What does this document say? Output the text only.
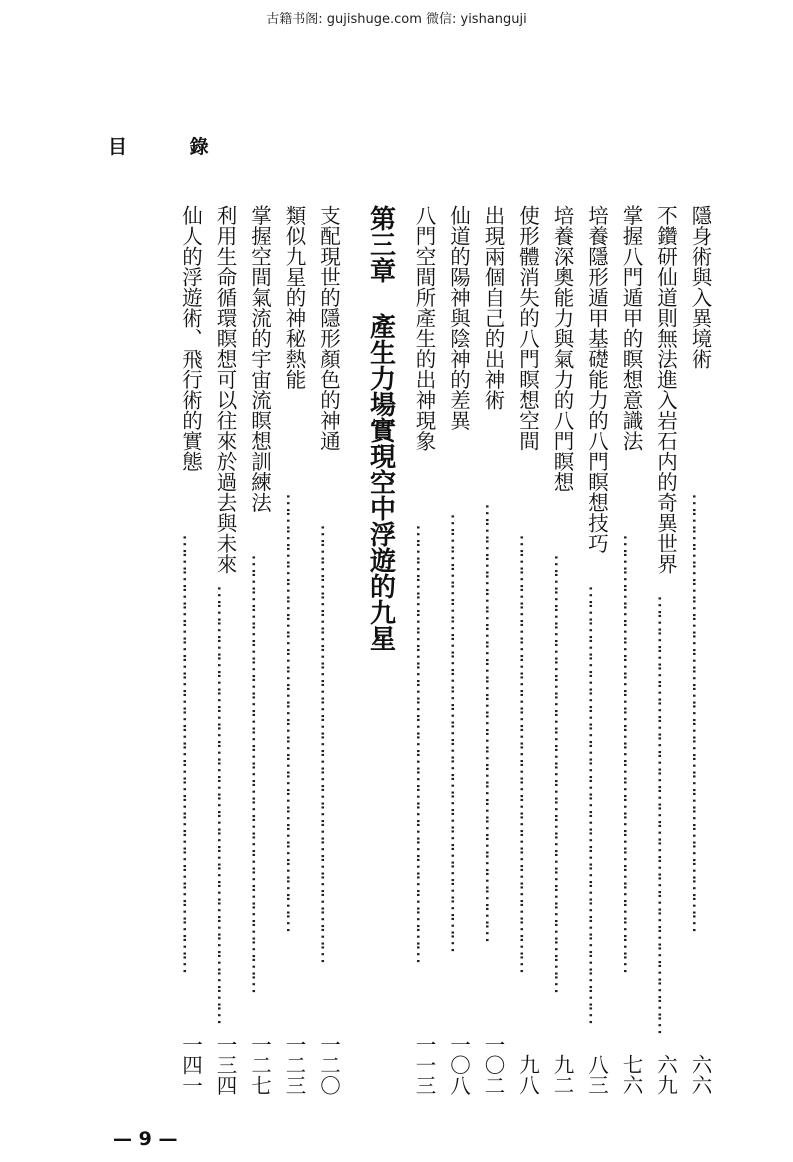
古籍书阁: gujishuge.com 微信: yishanguji
目 錄
隱身術與入異境術
…………………………………………………………………
六六
不鑽研仙道則無法進入岩石内的奇異世界
…………………………………………………………………
六九
掌握八門遁甲的瞑想意識法
…………………………………………………………………
七六
培養隱形遁甲基礎能力的八門瞑想技巧
…………………………………………………………………
八三
培養深奧能力與氣力的八門瞑想
…………………………………………………………………
九二
使形體消失的八門瞑想空間
…………………………………………………………………
九八
出現兩個自己的出神術
…………………………………………………………………
一〇二
仙道的陽神與陰神的差異
…………………………………………………………………
一〇八
八門空間所產生的出神現象
…………………………………………………………………
一一三
第三章
產生力場實現空中浮遊的九星
支配現世的隱形顏色的神通
…………………………………………………………………
一二〇
類似九星的神秘熱能
…………………………………………………………………
一二三
掌握空間氣流的宇宙流瞑想訓練法
…………………………………………………………………
一二七
利用生命循環瞑想可以往來於過去與未來
…………………………………………………………………
一三四
仙人的浮遊術、飛行術的實態
…………………………………………………………………
一四一
— 9 —
